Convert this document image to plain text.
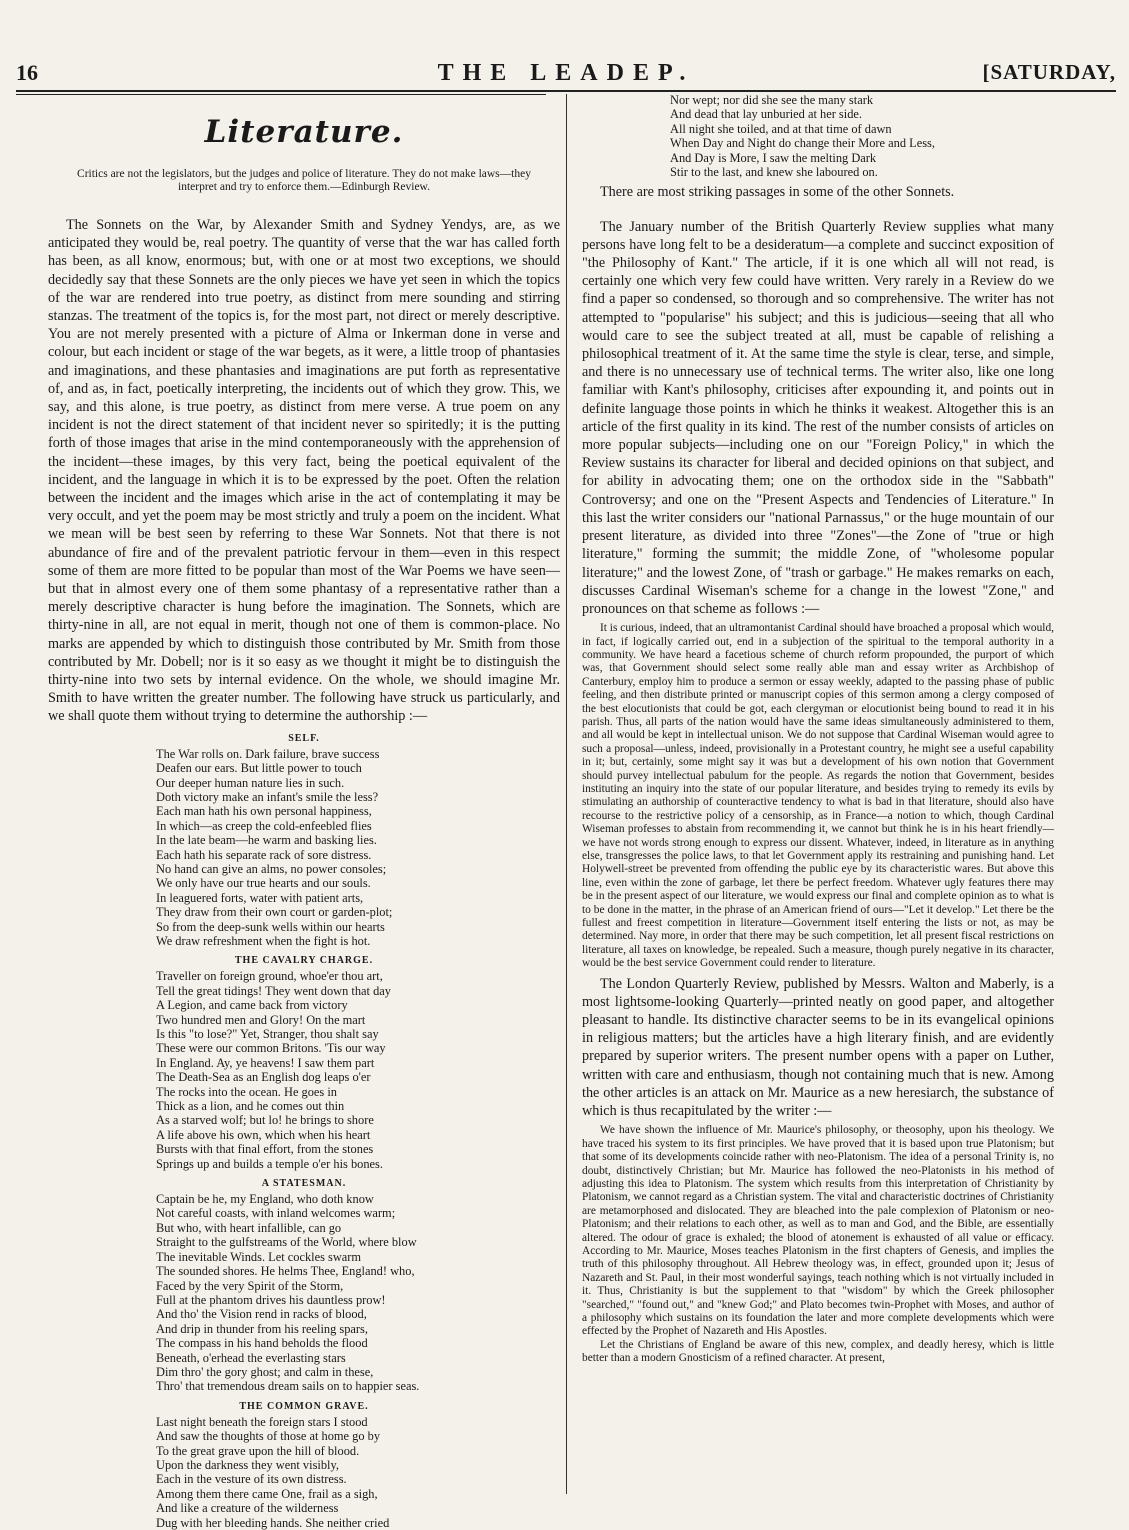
16	THE LEADEP.	[SATURDAY,
Literature.
Critics are not the legislators, but the judges and police of literature. They do not make laws—they interpret and try to enforce them.—Edinburgh Review.

The Sonnets on the War, by Alexander Smith and Sydney Yendys, are, as we anticipated they would be, real poetry. The quantity of verse that the war has called forth has been, as all know, enormous; but, with one or at most two exceptions, we should decidedly say that these Sonnets are the only pieces we have yet seen in which the topics of the war are rendered into true poetry, as distinct from mere sounding and stirring stanzas. The treatment of the topics is, for the most part, not direct or merely descriptive. You are not merely presented with a picture of Alma or Inkerman done in verse and colour, but each incident or stage of the war begets, as it were, a little troop of phantasies and imaginations, and these phantasies and imaginations are put forth as representative of, and as, in fact, poetically interpreting, the incidents out of which they grow. This, we say, and this alone, is true poetry, as distinct from mere verse. A true poem on any incident is not the direct statement of that incident never so spiritedly; it is the putting forth of those images that arise in the mind contemporaneously with the apprehension of the incident—these images, by this very fact, being the poetical equivalent of the incident, and the language in which it is to be expressed by the poet. Often the relation between the incident and the images which arise in the act of contemplating it may be very occult, and yet the poem may be most strictly and truly a poem on the incident. What we mean will be best seen by referring to these War Sonnets. Not that there is not abundance of fire and of the prevalent patriotic fervour in them—even in this respect some of them are more fitted to be popular than most of the War Poems we have seen—but that in almost every one of them some phantasy of a representative rather than a merely descriptive character is hung before the imagination. The Sonnets, which are thirty-nine in all, are not equal in merit, though not one of them is common-place. No marks are appended by which to distinguish those contributed by Mr. Smith from those contributed by Mr. Dobell; nor is it so easy as we thought it might be to distinguish the thirty-nine into two sets by internal evidence. On the whole, we should imagine Mr. Smith to have written the greater number. The following have struck us particularly, and we shall quote them without trying to determine the authorship :—

SELF.
The War rolls on. Dark failure, brave success
Deafen our ears. But little power to touch
Our deeper human nature lies in such.
Doth victory make an infant's smile the less?
Each man hath his own personal happiness,
In which—as creep the cold-enfeebled flies
In the late beam—he warm and basking lies.
Each hath his separate rack of sore distress.
No hand can give an alms, no power consoles;
We only have our true hearts and our souls.
In leaguered forts, water with patient arts,
They draw from their own court or garden-plot;
So from the deep-sunk wells within our hearts
We draw refreshment when the fight is hot.
THE CAVALRY CHARGE.
Traveller on foreign ground, whoe'er thou art,
Tell the great tidings! They went down that day
A Legion, and came back from victory
Two hundred men and Glory! On the mart
Is this "to lose?" Yet, Stranger, thou shalt say
These were our common Britons. 'Tis our way
In England. Ay, ye heavens! I saw them part
The Death-Sea as an English dog leaps o'er
The rocks into the ocean. He goes in
Thick as a lion, and he comes out thin
As a starved wolf; but lo! he brings to shore
A life above his own, which when his heart
Bursts with that final effort, from the stones
Springs up and builds a temple o'er his bones.
A STATESMAN.
Captain be he, my England, who doth know
Not careful coasts, with inland welcomes warm;
But who, with heart infallible, can go
Straight to the gulfstreams of the World, where blow
The inevitable Winds. Let cockles swarm
The sounded shores. He helms Thee, England! who,
Faced by the very Spirit of the Storm,
Full at the phantom drives his dauntless prow!
And tho' the Vision rend in racks of blood,
And drip in thunder from his reeling spars,
The compass in his hand beholds the flood
Beneath, o'erhead the everlasting stars
Dim thro' the gory ghost; and calm in these,
Thro' that tremendous dream sails on to happier seas.
THE COMMON GRAVE.
Last night beneath the foreign stars I stood
And saw the thoughts of those at home go by
To the great grave upon the hill of blood.
Upon the darkness they went visibly,
Each in the vesture of its own distress.
Among them there came One, frail as a sigh,
And like a creature of the wilderness
Dug with her bleeding hands. She neither cried
Nor wept; nor did she see the many stark
And dead that lay unburied at her side.
All night she toiled, and at that time of dawn
When Day and Night do change their More and Less,
And Day is More, I saw the melting Dark
Stir to the last, and knew she laboured on.

There are most striking passages in some of the other Sonnets.

The January number of the British Quarterly Review supplies what many persons have long felt to be a desideratum—a complete and succinct exposition of "the Philosophy of Kant." The article, if it is one which all will not read, is certainly one which very few could have written. Very rarely in a Review do we find a paper so condensed, so thorough and so comprehensive. The writer has not attempted to "popularise" his subject; and this is judicious—seeing that all who would care to see the subject treated at all, must be capable of relishing a philosophical treatment of it. At the same time the style is clear, terse, and simple, and there is no unnecessary use of technical terms. The writer also, like one long familiar with Kant's philosophy, criticises after expounding it, and points out in definite language those points in which he thinks it weakest. Altogether this is an article of the first quality in its kind. The rest of the number consists of articles on more popular subjects—including one on our "Foreign Policy," in which the Review sustains its character for liberal and decided opinions on that subject, and for ability in advocating them; one on the orthodox side in the "Sabbath" Controversy; and one on the "Present Aspects and Tendencies of Literature." In this last the writer considers our "national Parnassus," or the huge mountain of our present literature, as divided into three "Zones"—the Zone of "true or high literature," forming the summit; the middle Zone, of "wholesome popular literature;" and the lowest Zone, of "trash or garbage." He makes remarks on each, discusses Cardinal Wiseman's scheme for a change in the lowest "Zone," and pronounces on that scheme as follows :—

It is curious, indeed, that an ultramontanist Cardinal should have broached a proposal which would, in fact, if logically carried out, end in a subjection of the spiritual to the temporal authority in a community. We have heard a facetious scheme of church reform propounded, the purport of which was, that Government should select some really able man and essay writer as Archbishop of Canterbury, employ him to produce a sermon or essay weekly, adapted to the passing phase of public feeling, and then distribute printed or manuscript copies of this sermon among a clergy composed of the best elocutionists that could be got, each clergyman or elocutionist being bound to read it in his parish. Thus, all parts of the nation would have the same ideas simultaneously administered to them, and all would be kept in intellectual unison. We do not suppose that Cardinal Wiseman would agree to such a proposal—unless, indeed, provisionally in a Protestant country, he might see a useful capability in it; but, certainly, some might say it was but a development of his own notion that Government should purvey intellectual pabulum for the people. As regards the notion that Government, besides instituting an inquiry into the state of our popular literature, and besides trying to remedy its evils by stimulating an authorship of counteractive tendency to what is bad in that literature, should also have recourse to the restrictive policy of a censorship, as in France—a notion to which, though Cardinal Wiseman professes to abstain from recommending it, we cannot but think he is in his heart friendly—we have not words strong enough to express our dissent. Whatever, indeed, in literature as in anything else, transgresses the police laws, to that let Government apply its restraining and punishing hand. Let Holywell-street be prevented from offending the public eye by its characteristic wares. But above this line, even within the zone of garbage, let there be perfect freedom. Whatever ugly features there may be in the present aspect of our literature, we would express our final and complete opinion as to what is to be done in the matter, in the phrase of an American friend of ours—"Let it develop." Let there be the fullest and freest competition in literature—Government itself entering the lists or not, as may be determined. Nay more, in order that there may be such competition, let all present fiscal restrictions on literature, all taxes on knowledge, be repealed. Such a measure, though purely negative in its character, would be the best service Government could render to literature.

The London Quarterly Review, published by Messrs. Walton and Maberly, is a most lightsome-looking Quarterly—printed neatly on good paper, and altogether pleasant to handle. Its distinctive character seems to be in its evangelical opinions in religious matters; but the articles have a high literary finish, and are evidently prepared by superior writers. The present number opens with a paper on Luther, written with care and enthusiasm, though not containing much that is new. Among the other articles is an attack on Mr. Maurice as a new heresiarch, the substance of which is thus recapitulated by the writer :—

We have shown the influence of Mr. Maurice's philosophy, or theosophy, upon his theology. We have traced his system to its first principles. We have proved that it is based upon true Platonism; but that some of its developments coincide rather with neo-Platonism. The idea of a personal Trinity is, no doubt, distinctively Christian; but Mr. Maurice has followed the neo-Platonists in his method of adjusting this idea to Platonism. The system which results from this interpretation of Christianity by Platonism, we cannot regard as a Christian system. The vital and characteristic doctrines of Christianity are metamorphosed and dislocated. They are bleached into the pale complexion of Platonism or neo-Platonism; and their relations to each other, as well as to man and God, and the Bible, are essentially altered. The odour of grace is exhaled; the blood of atonement is exhausted of all value or efficacy. According to Mr. Maurice, Moses teaches Platonism in the first chapters of Genesis, and implies the truth of this philosophy throughout. All Hebrew theology was, in effect, grounded upon it; Jesus of Nazareth and St. Paul, in their most wonderful sayings, teach nothing which is not virtually included in it. Thus, Christianity is but the supplement to that "wisdom" by which the Greek philosopher "searched," "found out," and "knew God;" and Plato becomes twin-Prophet with Moses, and author of a philosophy which sustains on its foundation the later and more complete developments which were effected by the Prophet of Nazareth and His Apostles.

Let the Christians of England be aware of this new, complex, and deadly heresy, which is little better than a modern Gnosticism of a refined character. At present,
